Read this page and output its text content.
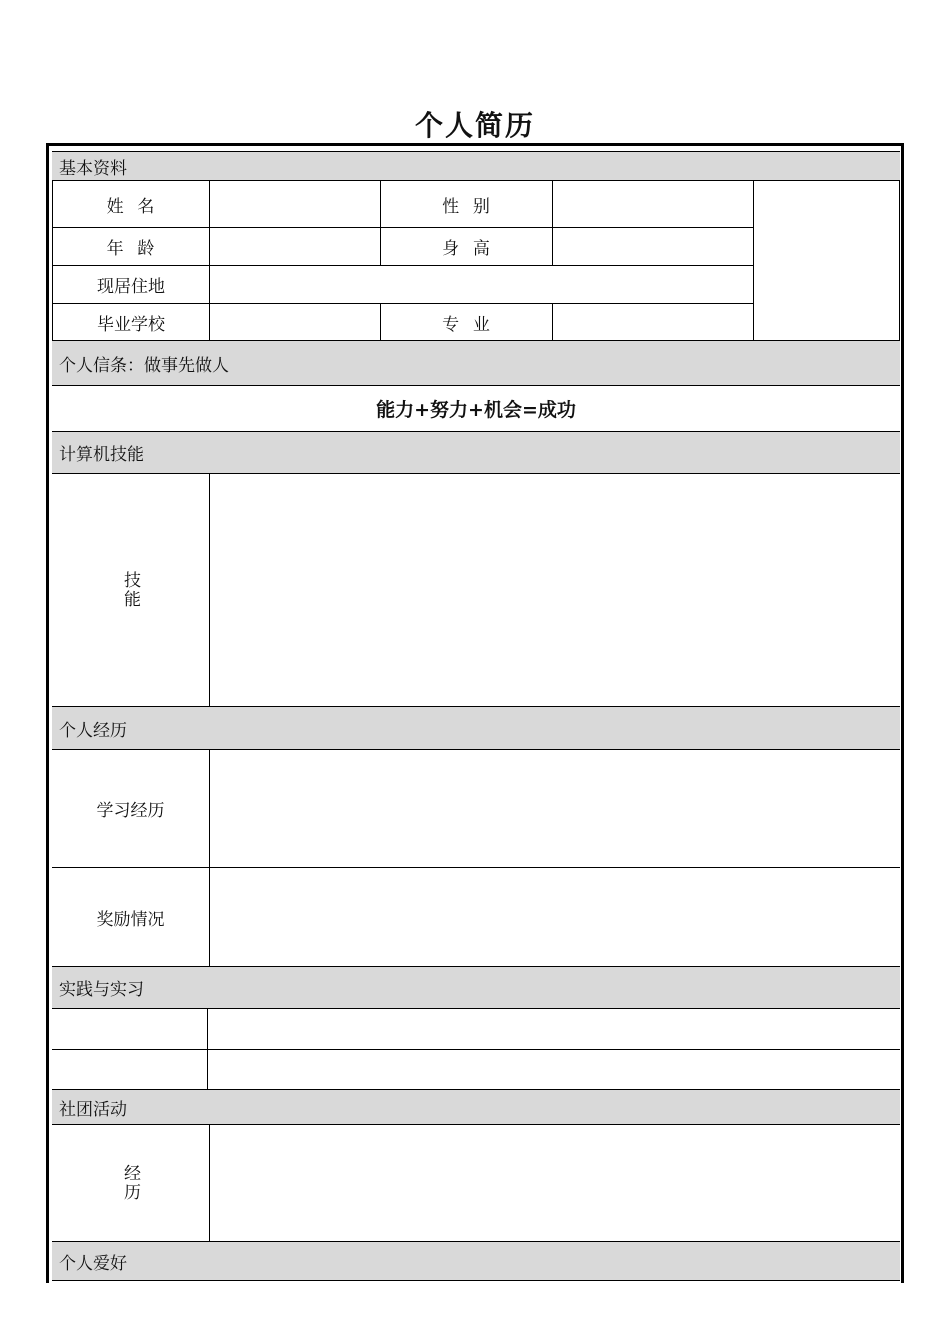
个人简历
基本资料
姓  名	性  别
年  龄	身  高
现居住地
毕业学校	专  业
个人信条：做事先做人
能力+努力+机会=成功
计算机技能
技能
个人经历
学习经历
奖励情况
实践与实习
社团活动
经历
个人爱好
